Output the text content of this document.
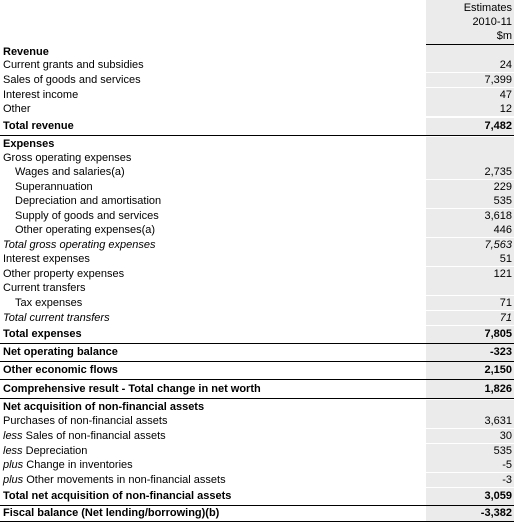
Estimates
2010-11
$m
Revenue
Current grants and subsidies	24
Sales of goods and services	7,399
Interest income	47
Other	12
Total revenue	7,482
Expenses
Gross operating expenses
Wages and salaries(a)	2,735
Superannuation	229
Depreciation and amortisation	535
Supply of goods and services	3,618
Other operating expenses(a)	446
Total gross operating expenses	7,563
Interest expenses	51
Other property expenses	121
Current transfers
Tax expenses	71
Total current transfers	71
Total expenses	7,805
Net operating balance	-323
Other economic flows	2,150
Comprehensive result - Total change in net worth	1,826
Net acquisition of non-financial assets
Purchases of non-financial assets	3,631
less Sales of non-financial assets	30
less Depreciation	535
plus Change in inventories	-5
plus Other movements in non-financial assets	-3
Total net acquisition of non-financial assets	3,059
Fiscal balance (Net lending/borrowing)(b)	-3,382
